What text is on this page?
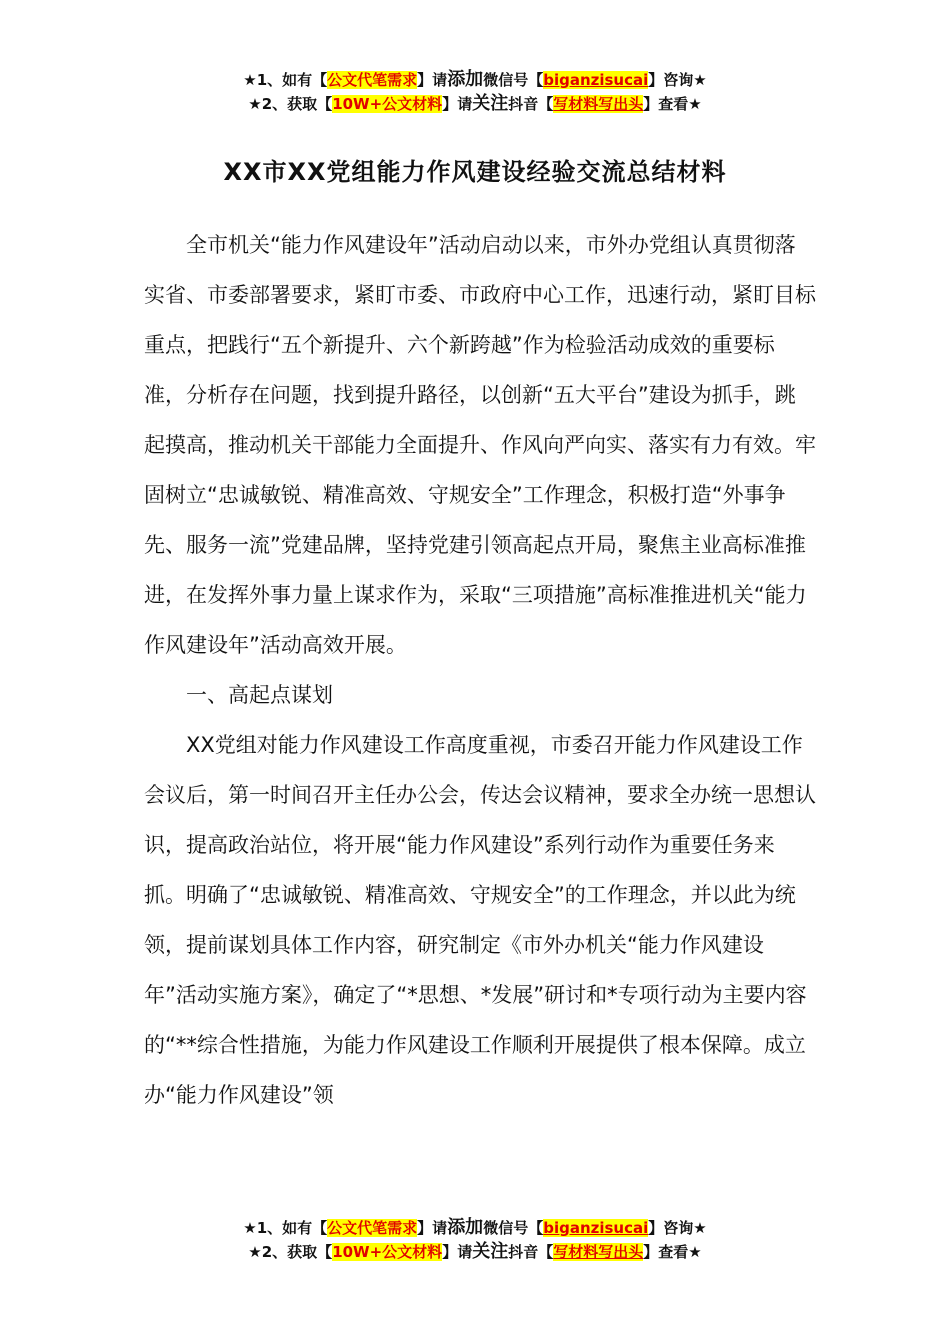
★1、如有【公文代笔需求】请添加微信号【biganzisucai】咨询★
★2、获取【10W+公文材料】请关注抖音【写材料写出头】查看★
XX市XX党组能力作风建设经验交流总结材料

全市机关“能力作风建设年”活动启动以来，市外办党组认真贯彻落实省、市委部署要求，紧盯市委、市政府中心工作，迅速行动，紧盯目标重点，把践行“五个新提升、六个新跨越”作为检验活动成效的重要标准，分析存在问题，找到提升路径，以创新“五大平台”建设为抓手，跳起摸高，推动机关干部能力全面提升、作风向严向实、落实有力有效。牢固树立“忠诚敏锐、精准高效、守规安全”工作理念，积极打造“外事争先、服务一流”党建品牌，坚持党建引领高起点开局，聚焦主业高标准推进，在发挥外事力量上谋求作为，采取“三项措施”高标准推进机关“能力作风建设年”活动高效开展。

一、高起点谋划

XX党组对能力作风建设工作高度重视，市委召开能力作风建设工作会议后，第一时间召开主任办公会，传达会议精神，要求全办统一思想认识，提高政治站位，将开展“能力作风建设”系列行动作为重要任务来抓。明确了“忠诚敏锐、精准高效、守规安全”的工作理念，并以此为统领，提前谋划具体工作内容，研究制定《市外办机关“能力作风建设年”活动实施方案》，确定了“*思想、*发展”研讨和*专项行动为主要内容的“**综合性措施，为能力作风建设工作顺利开展提供了根本保障。成立办“能力作风建设”领

★1、如有【公文代笔需求】请添加微信号【biganzisucai】咨询★
★2、获取【10W+公文材料】请关注抖音【写材料写出头】查看★
